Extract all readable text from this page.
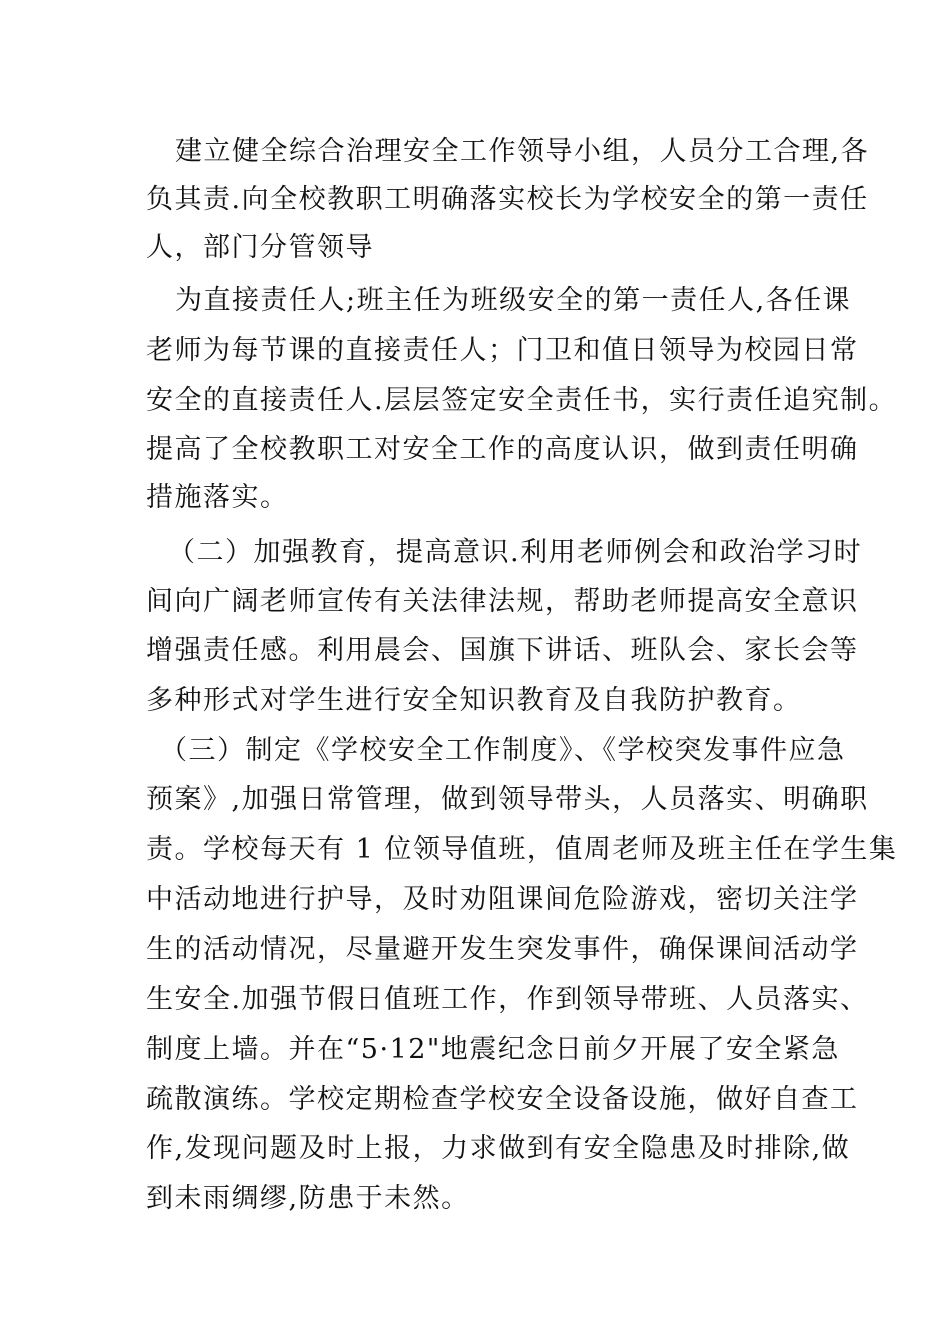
建立健全综合治理安全工作领导小组，人员分工合理,各
负其责.向全校教职工明确落实校长为学校安全的第一责任
人，部门分管领导
为直接责任人;班主任为班级安全的第一责任人,各任课
老师为每节课的直接责任人；门卫和值日领导为校园日常
安全的直接责任人.层层签定安全责任书，实行责任追究制。
提高了全校教职工对安全工作的高度认识，做到责任明确
措施落实。
（二）加强教育，提高意识.利用老师例会和政治学习时
间向广阔老师宣传有关法律法规，帮助老师提高安全意识
增强责任感。利用晨会、国旗下讲话、班队会、家长会等
多种形式对学生进行安全知识教育及自我防护教育。
（三）制定《学校安全工作制度》、《学校突发事件应急
预案》,加强日常管理，做到领导带头，人员落实、明确职
责。学校每天有 1 位领导值班，值周老师及班主任在学生集
中活动地进行护导，及时劝阻课间危险游戏，密切关注学
生的活动情况，尽量避开发生突发事件，确保课间活动学
生安全.加强节假日值班工作，作到领导带班、人员落实、
制度上墙。并在“5·12"地震纪念日前夕开展了安全紧急
疏散演练。学校定期检查学校安全设备设施，做好自查工
作,发现问题及时上报，力求做到有安全隐患及时排除,做
到未雨绸缪,防患于未然。
